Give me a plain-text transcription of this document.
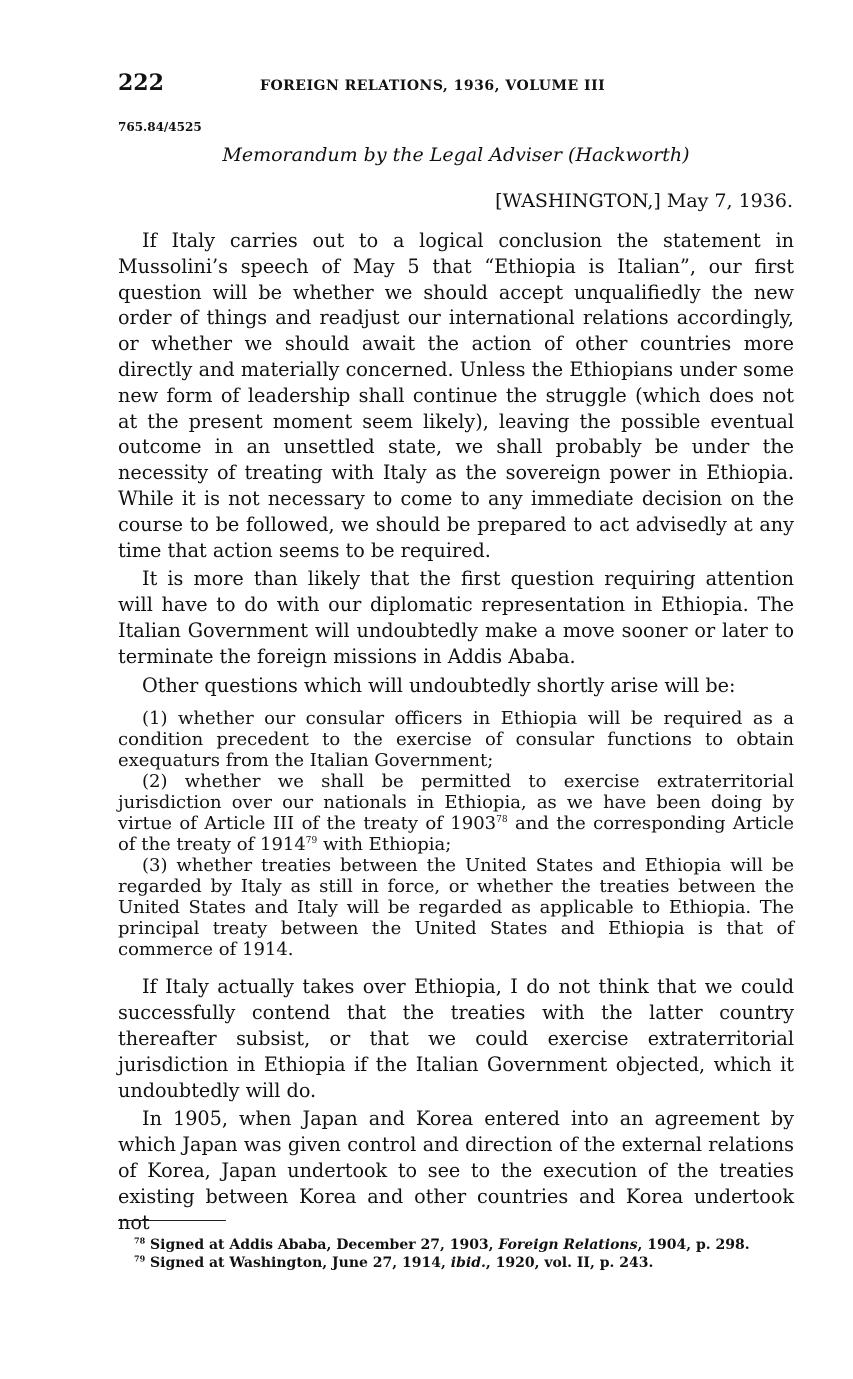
222	FOREIGN RELATIONS, 1936, VOLUME III
765.84/4525
Memorandum by the Legal Adviser (Hackworth)
[WASHINGTON,] May 7, 1936.

If Italy carries out to a logical conclusion the statement in Mussolini’s speech of May 5 that “Ethiopia is Italian”, our first question will be whether we should accept unqualifiedly the new order of things and readjust our international relations accordingly, or whether we should await the action of other countries more directly and materially concerned. Unless the Ethiopians under some new form of leadership shall continue the struggle (which does not at the present moment seem likely), leaving the possible eventual outcome in an unsettled state, we shall probably be under the necessity of treating with Italy as the sovereign power in Ethiopia. While it is not necessary to come to any immediate decision on the course to be followed, we should be prepared to act advisedly at any time that action seems to be required.

It is more than likely that the first question requiring attention will have to do with our diplomatic representation in Ethiopia. The Italian Government will undoubtedly make a move sooner or later to terminate the foreign missions in Addis Ababa.

Other questions which will undoubtedly shortly arise will be:

(1) whether our consular officers in Ethiopia will be required as a condition precedent to the exercise of consular functions to obtain exequaturs from the Italian Government;

(2) whether we shall be permitted to exercise extraterritorial jurisdiction over our nationals in Ethiopia, as we have been doing by virtue of Article III of the treaty of 1903$^{78}$ and the corresponding Article of the treaty of 1914$^{79}$ with Ethiopia;

(3) whether treaties between the United States and Ethiopia will be regarded by Italy as still in force, or whether the treaties between the United States and Italy will be regarded as applicable to Ethiopia. The principal treaty between the United States and Ethiopia is that of commerce of 1914.

If Italy actually takes over Ethiopia, I do not think that we could successfully contend that the treaties with the latter country thereafter subsist, or that we could exercise extraterritorial jurisdiction in Ethiopia if the Italian Government objected, which it undoubtedly will do.

In 1905, when Japan and Korea entered into an agreement by which Japan was given control and direction of the external relations of Korea, Japan undertook to see to the execution of the treaties existing between Korea and other countries and Korea undertook not

$^{78}$ Signed at Addis Ababa, December 27, 1903, Foreign Relations, 1904, p. 298.
$^{79}$ Signed at Washington, June 27, 1914, ibid., 1920, vol. II, p. 243.
